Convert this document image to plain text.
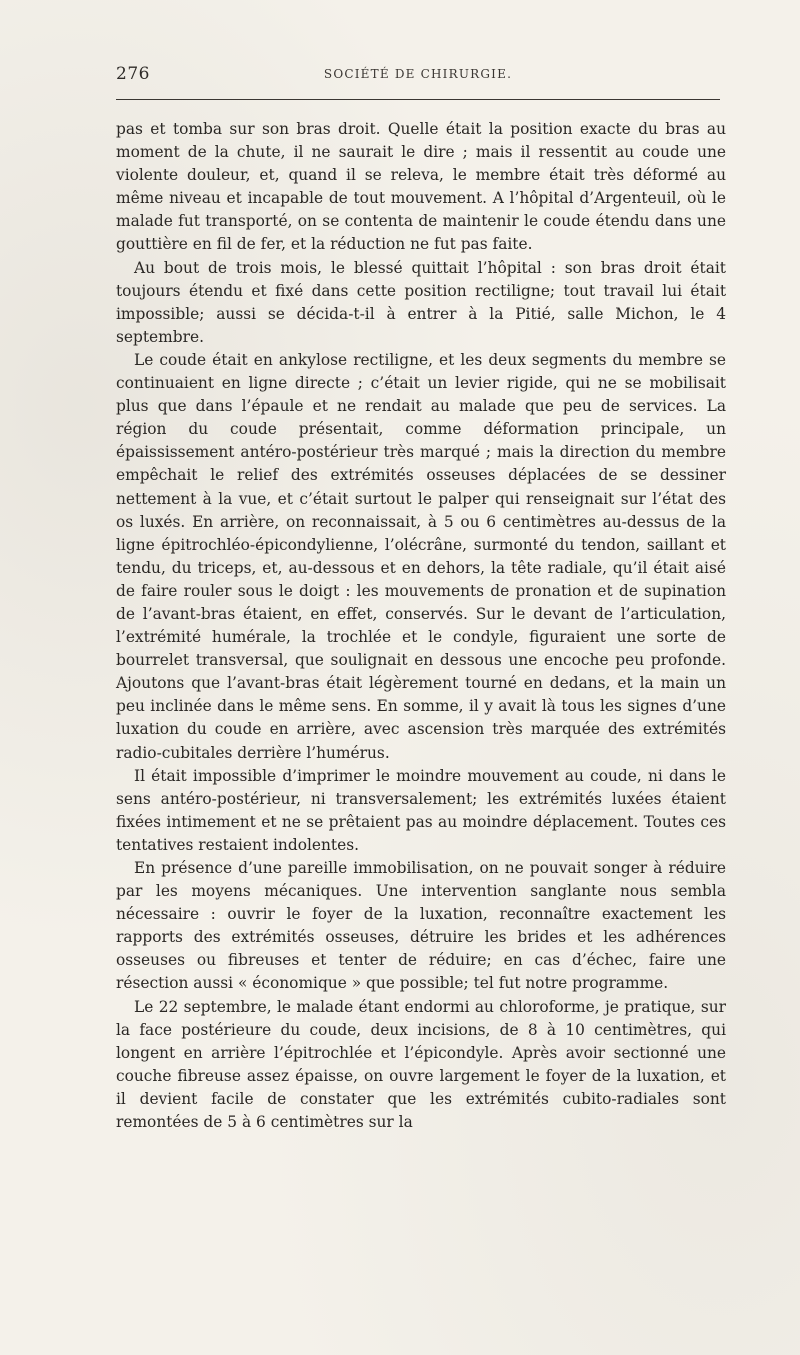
276	SOCIÉTÉ DE CHIRURGIE.

pas et tomba sur son bras droit. Quelle était la position exacte du bras au moment de la chute, il ne saurait le dire ; mais il ressentit au coude une violente douleur, et, quand il se releva, le membre était très déformé au même niveau et incapable de tout mouvement. A l’hôpital d’Argenteuil, où le malade fut transporté, on se contenta de maintenir le coude étendu dans une gouttière en fil de fer, et la réduction ne fut pas faite.

Au bout de trois mois, le blessé quittait l’hôpital : son bras droit était toujours étendu et fixé dans cette position rectiligne; tout travail lui était impossible; aussi se décida-t-il à entrer à la Pitié, salle Michon, le 4 septembre.

Le coude était en ankylose rectiligne, et les deux segments du membre se continuaient en ligne directe ; c’était un levier rigide, qui ne se mobilisait plus que dans l’épaule et ne rendait au malade que peu de services. La région du coude présentait, comme déformation principale, un épaississement antéro-postérieur très marqué ; mais la direction du membre empêchait le relief des extrémités osseuses déplacées de se dessiner nettement à la vue, et c’était surtout le palper qui renseignait sur l’état des os luxés. En arrière, on reconnaissait, à 5 ou 6 centimètres au-dessus de la ligne épitrochléo-épicondylienne, l’olécrâne, surmonté du tendon, saillant et tendu, du triceps, et, au-dessous et en dehors, la tête radiale, qu’il était aisé de faire rouler sous le doigt : les mouvements de pronation et de supination de l’avant-bras étaient, en effet, conservés. Sur le devant de l’articulation, l’extrémité humérale, la trochlée et le condyle, figuraient une sorte de bourrelet transversal, que soulignait en dessous une encoche peu profonde. Ajoutons que l’avant-bras était légèrement tourné en dedans, et la main un peu inclinée dans le même sens. En somme, il y avait là tous les signes d’une luxation du coude en arrière, avec ascension très marquée des extrémités radio-cubitales derrière l’humérus.

Il était impossible d’imprimer le moindre mouvement au coude, ni dans le sens antéro-postérieur, ni transversalement; les extrémités luxées étaient fixées intimement et ne se prêtaient pas au moindre déplacement. Toutes ces tentatives restaient indolentes.

En présence d’une pareille immobilisation, on ne pouvait songer à réduire par les moyens mécaniques. Une intervention sanglante nous sembla nécessaire : ouvrir le foyer de la luxation, reconnaître exactement les rapports des extrémités osseuses, détruire les brides et les adhérences osseuses ou fibreuses et tenter de réduire; en cas d’échec, faire une résection aussi « économique » que possible; tel fut notre programme.

Le 22 septembre, le malade étant endormi au chloroforme, je pratique, sur la face postérieure du coude, deux incisions, de 8 à 10 centimètres, qui longent en arrière l’épitrochlée et l’épicondyle. Après avoir sectionné une couche fibreuse assez épaisse, on ouvre largement le foyer de la luxation, et il devient facile de constater que les extrémités cubito-radiales sont remontées de 5 à 6 centimètres sur la
